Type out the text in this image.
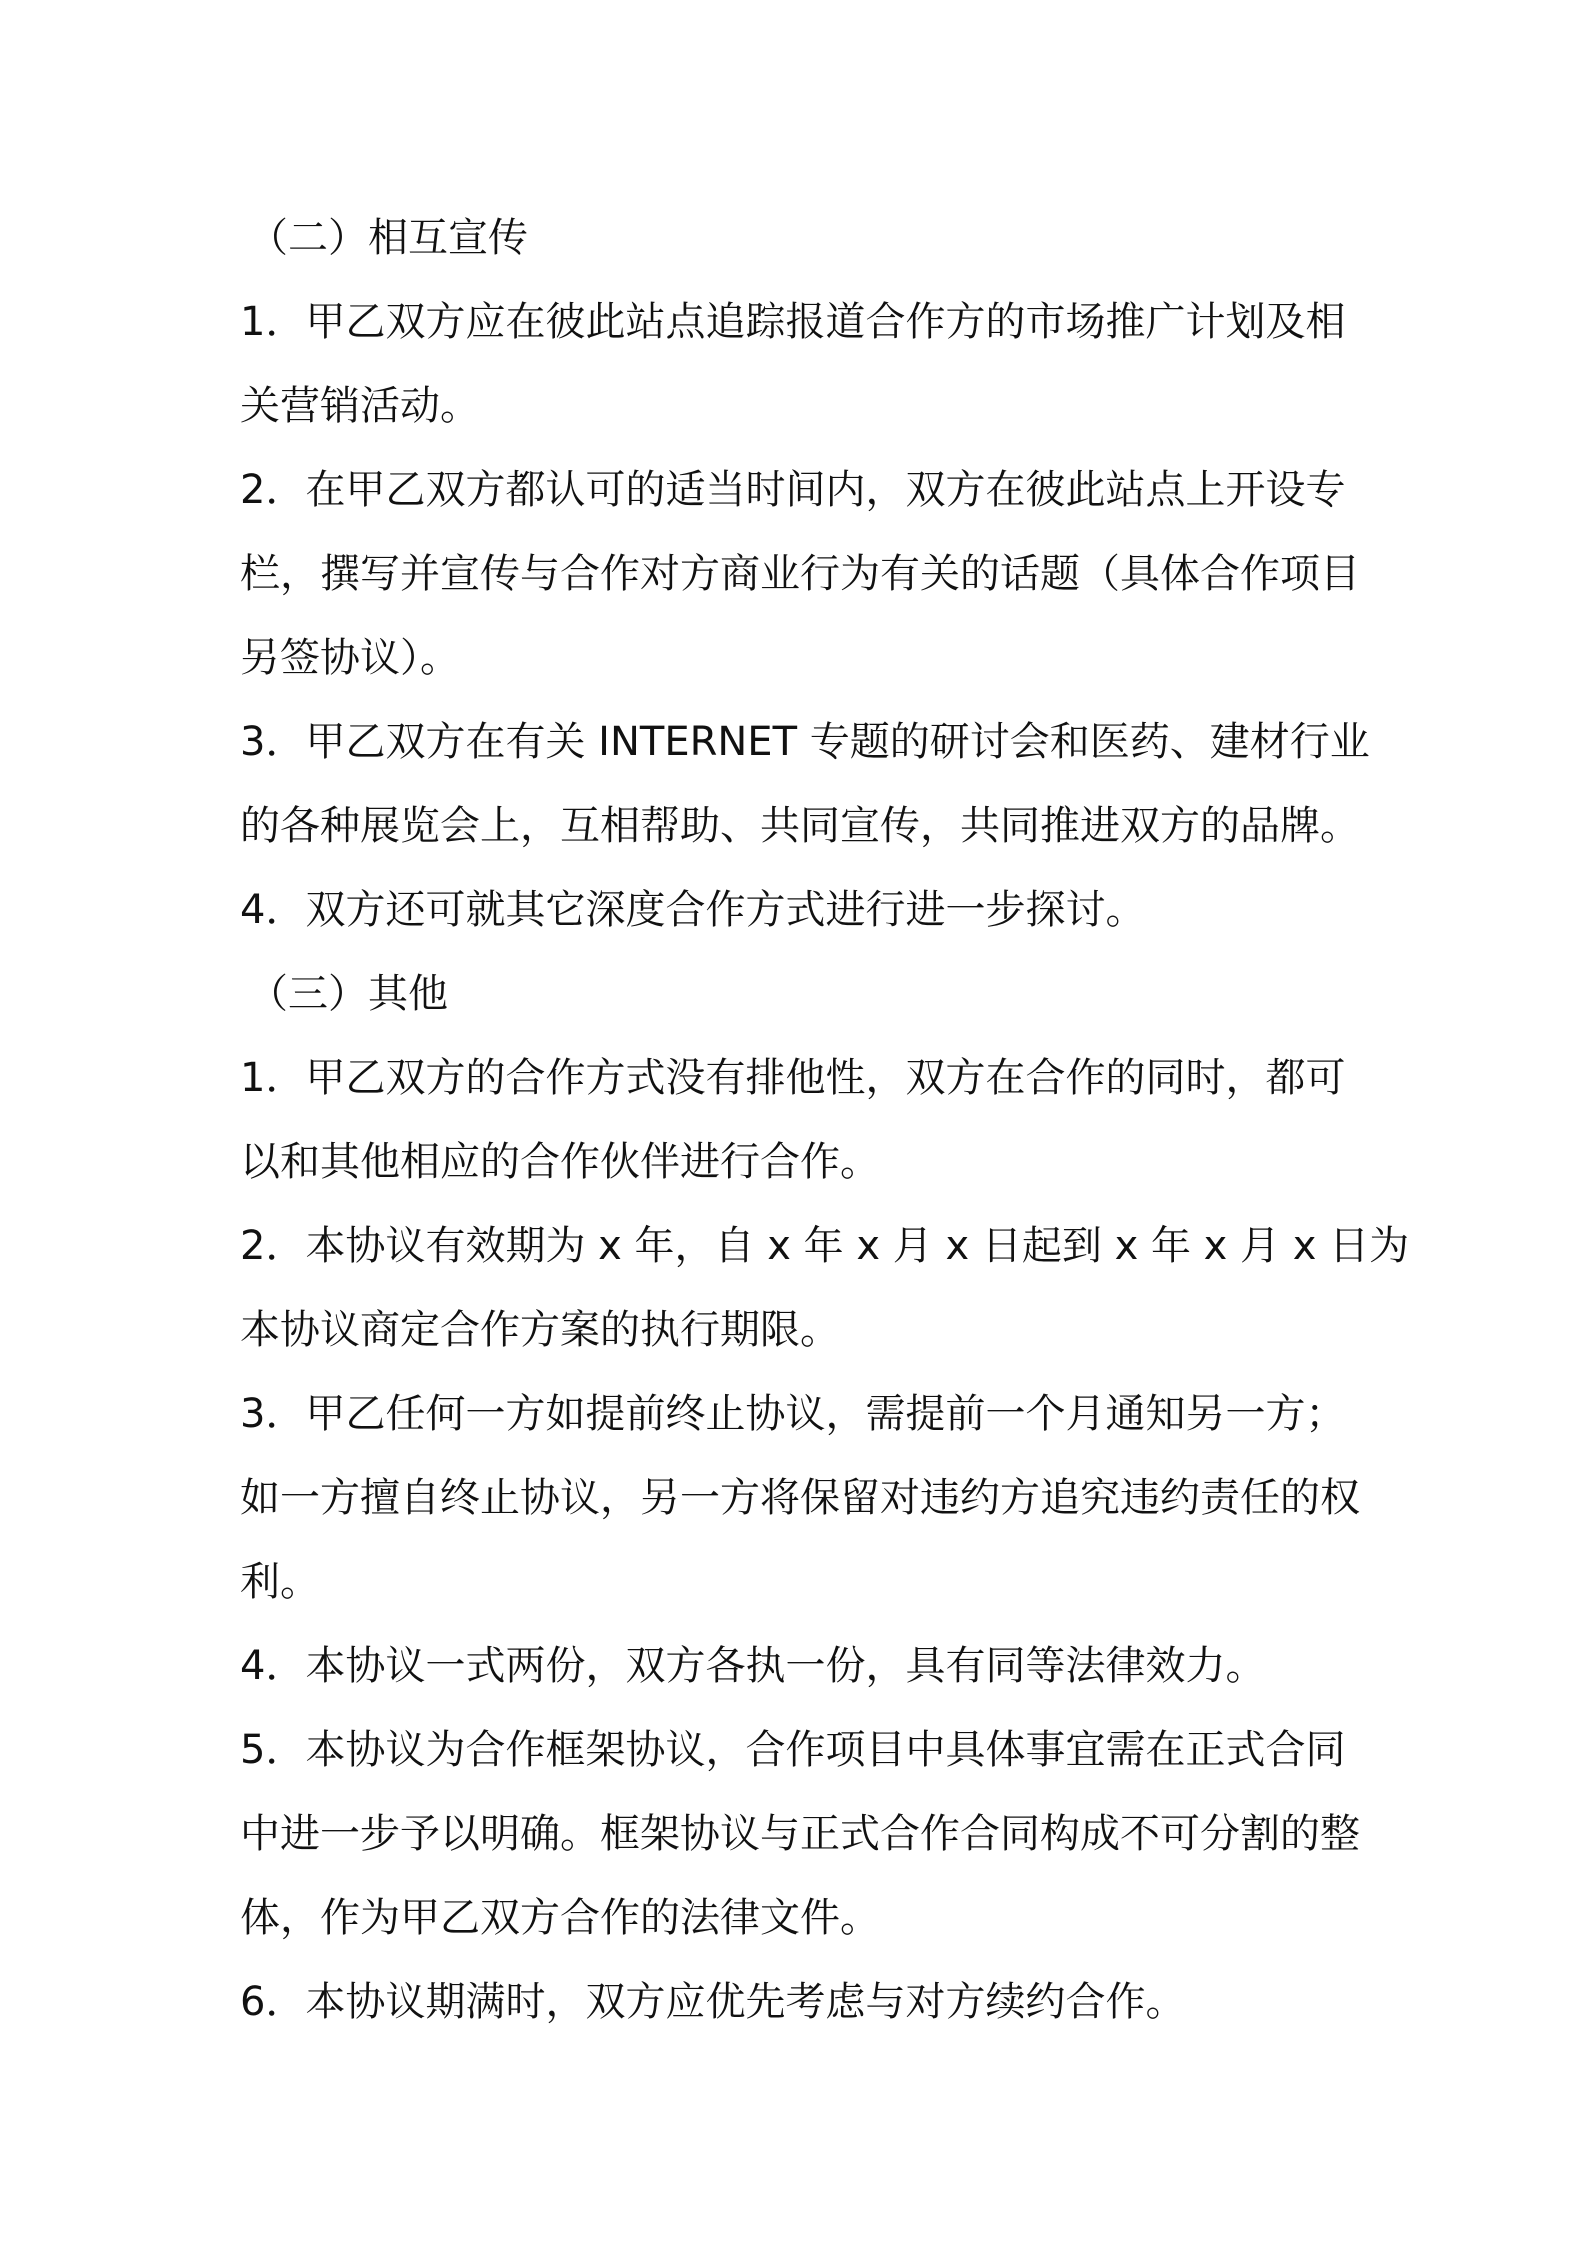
（二）相互宣传
1．甲乙双方应在彼此站点追踪报道合作方的市场推广计划及相
关营销活动。
2．在甲乙双方都认可的适当时间内，双方在彼此站点上开设专
栏，撰写并宣传与合作对方商业行为有关的话题（具体合作项目
另签协议）。
3．甲乙双方在有关 INTERNET 专题的研讨会和医药、建材行业
的各种展览会上，互相帮助、共同宣传，共同推进双方的品牌。
4．双方还可就其它深度合作方式进行进一步探讨。
（三）其他
1．甲乙双方的合作方式没有排他性，双方在合作的同时，都可
以和其他相应的合作伙伴进行合作。
2．本协议有效期为 x 年，自 x 年 x 月 x 日起到 x 年 x 月 x 日为
本协议商定合作方案的执行期限。
3．甲乙任何一方如提前终止协议，需提前一个月通知另一方；
如一方擅自终止协议，另一方将保留对违约方追究违约责任的权
利。
4．本协议一式两份，双方各执一份，具有同等法律效力。
5．本协议为合作框架协议，合作项目中具体事宜需在正式合同
中进一步予以明确。框架协议与正式合作合同构成不可分割的整
体，作为甲乙双方合作的法律文件。
6．本协议期满时，双方应优先考虑与对方续约合作。
